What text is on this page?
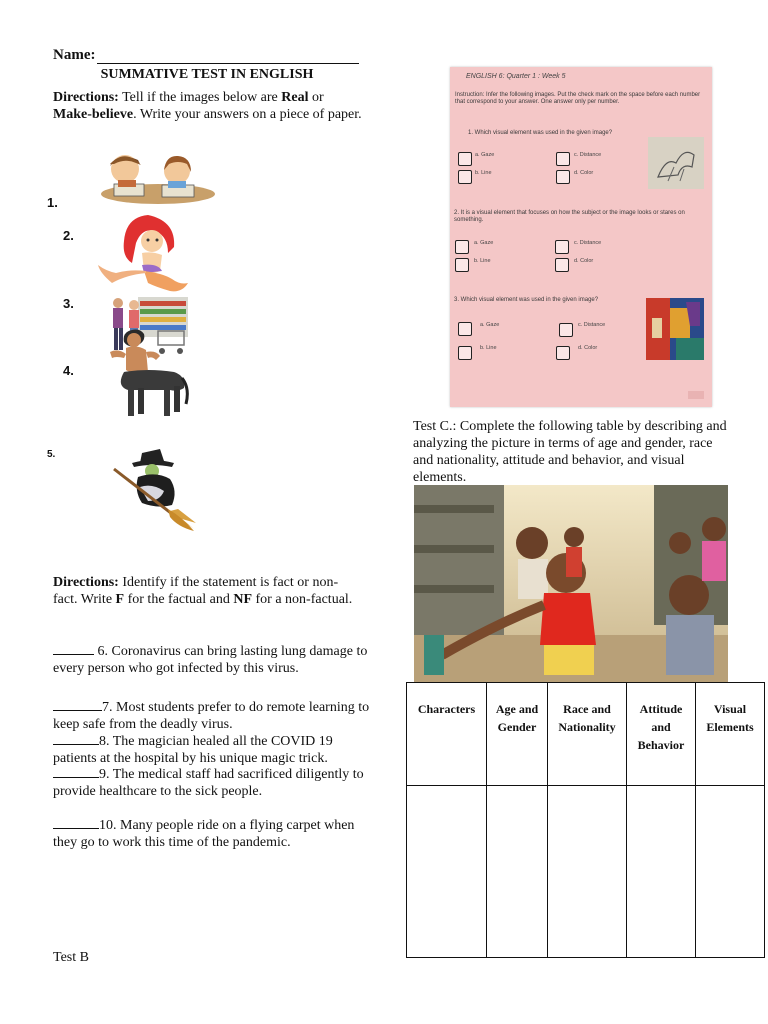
Name:
SUMMATIVE TEST IN ENGLISH
Directions: Tell if the images below are Real or
Make-believe. Write your answers on a piece of paper.
1.
2.
3.
4.
5.
Directions: Identify if the statement is fact or non-fact. Write F for the factual and NF for a non-factual.
6. Coronavirus can bring lasting lung damage to every person who got infected by this virus.
7. Most students prefer to do remote learning to keep safe from the deadly virus.
8. The magician healed all the COVID 19 patients at the hospital by his unique magic trick.
9. The medical staff had sacrificed diligently to provide healthcare to the sick people.
10. Many people ride on a flying carpet when they go to work this time of the pandemic.
Test B
ENGLISH 6: Quarter 1 : Week 5
Instruction: Infer the following images. Put the check mark on the space before each number that correspond to your answer. One answer only per number.
1. Which visual element was used in the given image?
a. Gaze	c. Distance
b. Line	d. Color
2. It is a visual element that focuses on how the subject or the image looks or stares on something.
a. Gaze	c. Distance
b. Line	d. Color
3. Which visual element was used in the given image?
a. Gaze	c. Distance
b. Line	d. Color
Test C.: Complete the following table by describing and analyzing the picture in terms of age and gender, race and nationality, attitude and behavior, and visual elements.
Characters	Age and Gender	Race and Nationality	Attitude and Behavior	Visual Elements
